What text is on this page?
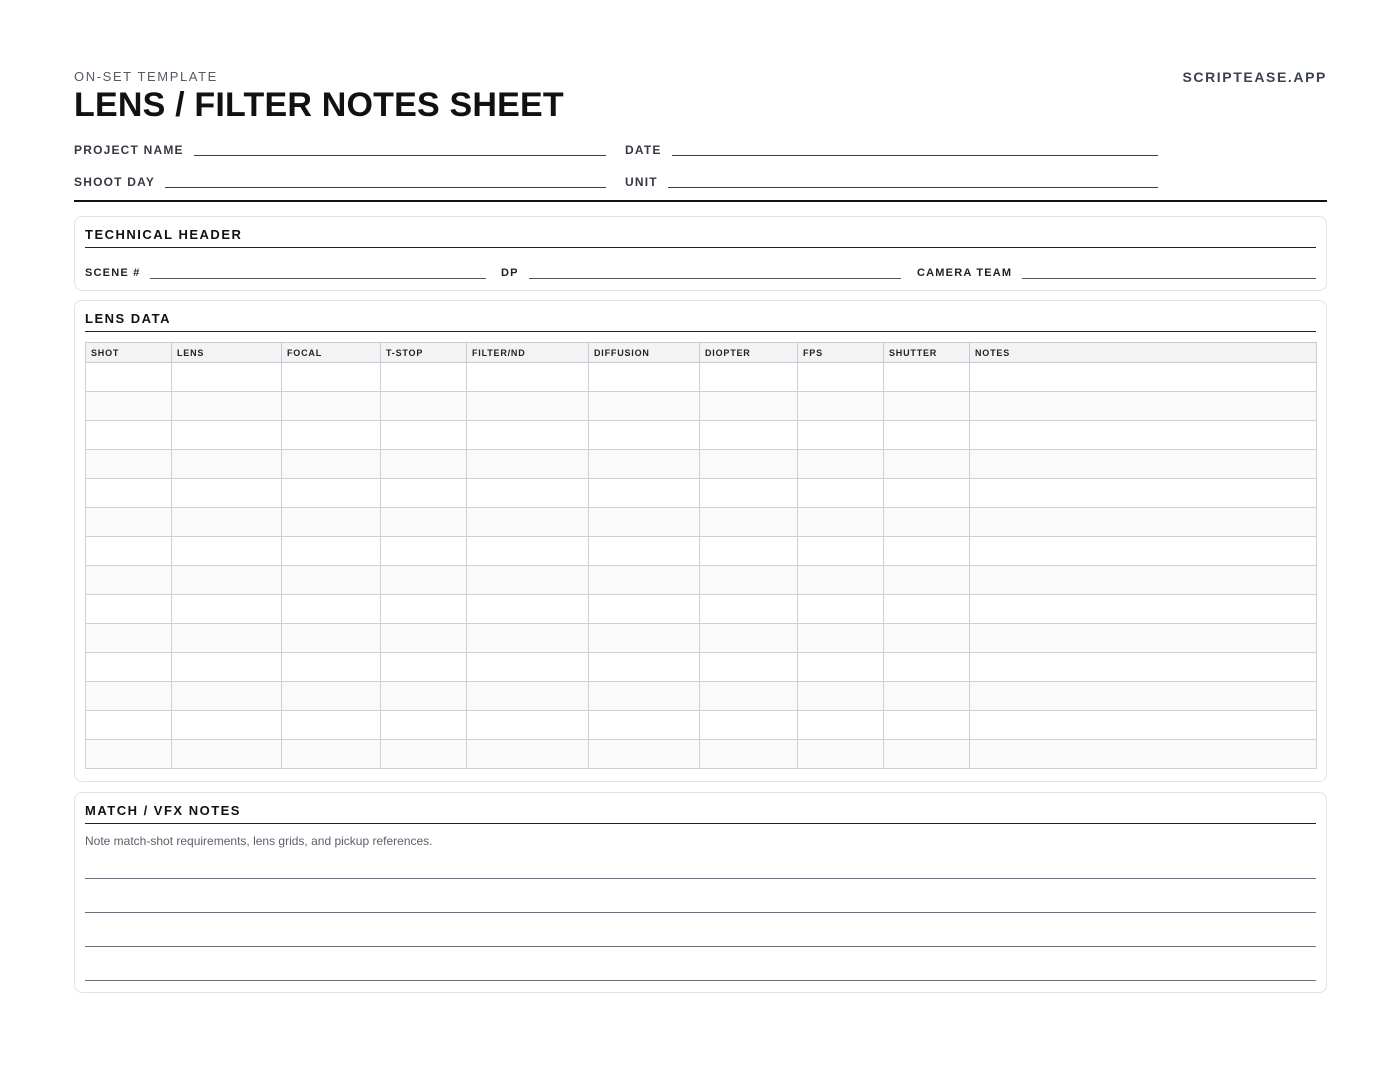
ON-SET TEMPLATE	SCRIPTEASE.APP
LENS / FILTER NOTES SHEET
PROJECT NAME	DATE
SHOOT DAY	UNIT
TECHNICAL HEADER
SCENE #	DP	CAMERA TEAM
LENS DATA
SHOT	LENS	FOCAL	T-STOP	FILTER/ND	DIFFUSION	DIOPTER	FPS	SHUTTER	NOTES

MATCH / VFX NOTES
Note match-shot requirements, lens grids, and pickup references.
